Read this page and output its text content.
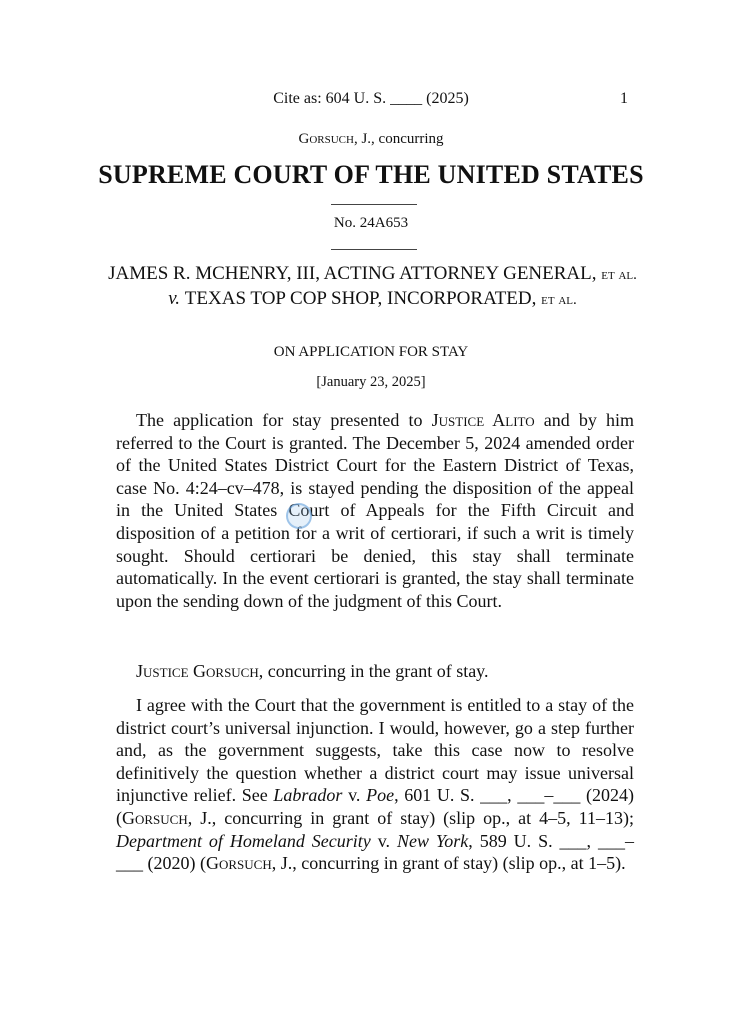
Cite as: 604 U. S. ____ (2025)	1
Gorsuch, J., concurring
SUPREME COURT OF THE UNITED STATES
No. 24A653
JAMES R. MCHENRY, III, ACTING ATTORNEY GENERAL, et al. v. TEXAS TOP COP SHOP, INCORPORATED, et al.
ON APPLICATION FOR STAY
[January 23, 2025]

The application for stay presented to Justice Alito and by him referred to the Court is granted. The December 5, 2024 amended order of the United States District Court for the Eastern District of Texas, case No. 4:24–cv–478, is stayed pending the disposition of the appeal in the United States Court of Appeals for the Fifth Circuit and disposition of a petition for a writ of certiorari, if such a writ is timely sought. Should certiorari be denied, this stay shall terminate automatically. In the event certiorari is granted, the stay shall terminate upon the sending down of the judgment of this Court.

Justice Gorsuch, concurring in the grant of stay.

I agree with the Court that the government is entitled to a stay of the district court’s universal injunction. I would, however, go a step further and, as the government suggests, take this case now to resolve definitively the question whether a district court may issue universal injunctive relief. See Labrador v. Poe, 601 U. S. ___, ___–___ (2024) (Gorsuch, J., concurring in grant of stay) (slip op., at 4–5, 11–13); Department of Homeland Security v. New York, 589 U. S. ___, ___–___ (2020) (Gorsuch, J., concurring in grant of stay) (slip op., at 1–5).
